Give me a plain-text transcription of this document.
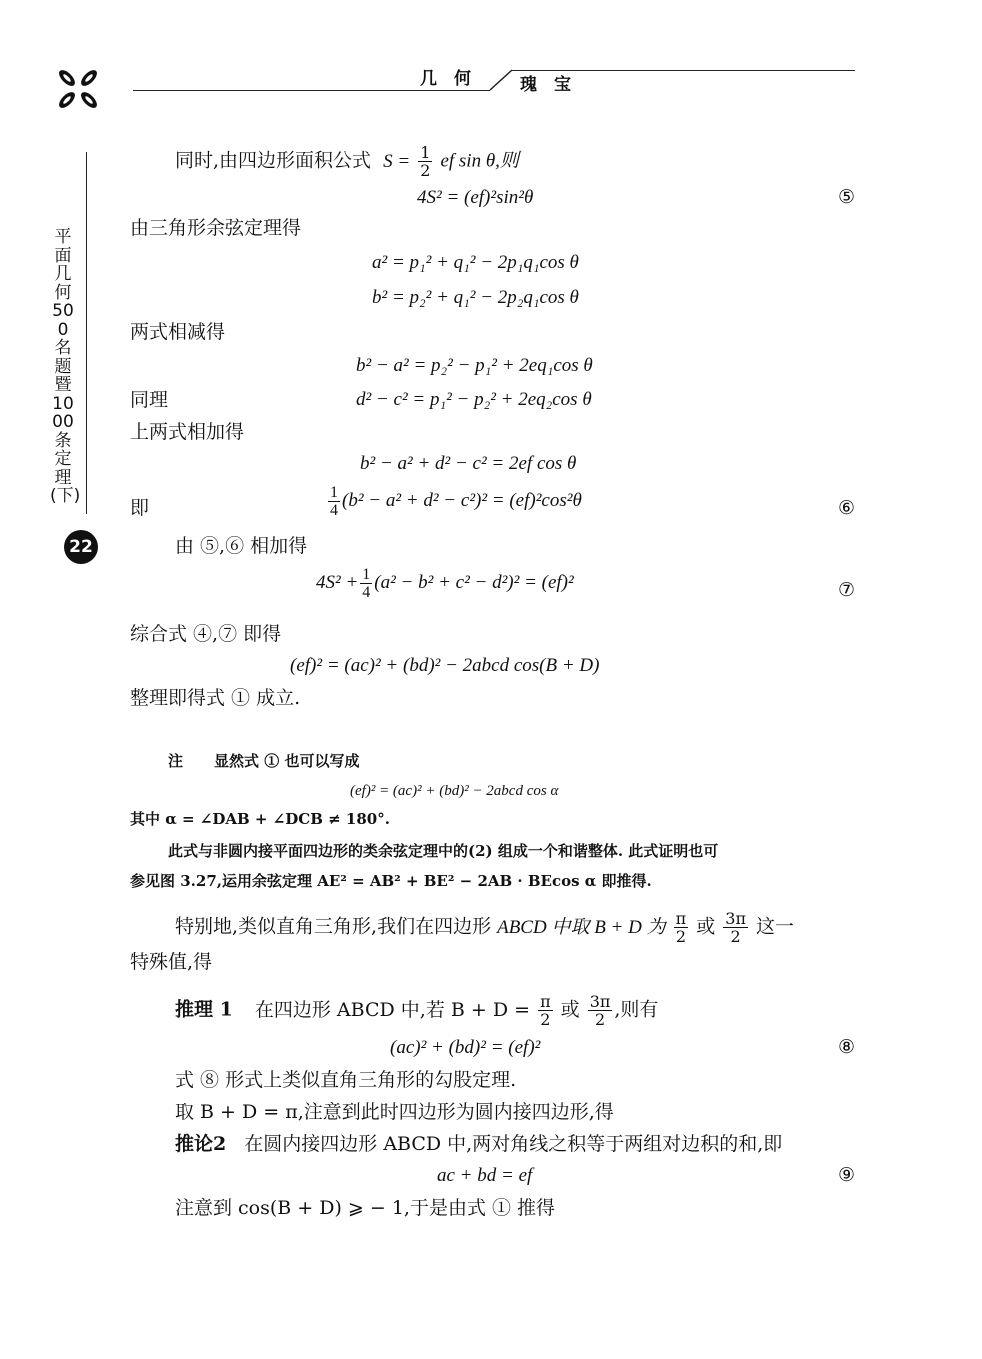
几　何	瑰　宝
平面几何500名题暨1000条定理(下)
22
同时,由四边形面积公式 $S = \frac{1}{2}$ ef sin θ,则
4S² = (ef)²sin²θ	⑤
由三角形余弦定理得
a² = p₁² + q₁² − 2p₁q₁cos θ
b² = p₂² + q₁² − 2p₂q₁cos θ
两式相减得
b² − a² = p₂² − p₁² + 2eq₁cos θ
同理	d² − c² = p₁² − p₂² + 2eq₂cos θ
上两式相加得
b² − a² + d² − c² = 2ef cos θ
即	$\frac{1}{4} (b^2 - a^2 + d^2 - c^2)^2 = (ef)^2\cos^2\theta$	⑥
由 ⑤,⑥ 相加得
$4S^2 + \frac{1}{4} (a^2 - b^2 + c^2 - d^2)^2 = (ef)^2$	⑦
综合式 ④,⑦ 即得
(ef)² = (ac)² + (bd)² − 2abcd cos(B + D)
整理即得式 ① 成立.
注 显然式 ① 也可以写成
(ef)² = (ac)² + (bd)² − 2abcd cos α
其中 α = ∠DAB + ∠DCB ≠ 180°.
此式与非圆内接平面四边形的类余弦定理中的(2) 组成一个和谐整体. 此式证明也可
参见图 3.27,运用余弦定理 AE² = AB² + BE² − 2AB · BEcos α 即推得.
特别地,类似直角三角形,我们在四边形 ABCD 中取 B + D 为 $\frac{\pi}{2}$ 或 $\frac{3\pi}{2}$ 这一
特殊值,得
推理 1 在四边形 ABCD 中,若 $B + D = \frac{\pi}{2}$ 或 $\frac{3\pi}{2}$ ,则有
(ac)² + (bd)² = (ef)²	⑧
式 ⑧ 形式上类似直角三角形的勾股定理.
取 B + D = π,注意到此时四边形为圆内接四边形,得
推论2 在圆内接四边形 ABCD 中,两对角线之积等于两组对边积的和,即
ac + bd = ef	⑨
注意到 cos(B + D) ⩾ − 1,于是由式 ① 推得
